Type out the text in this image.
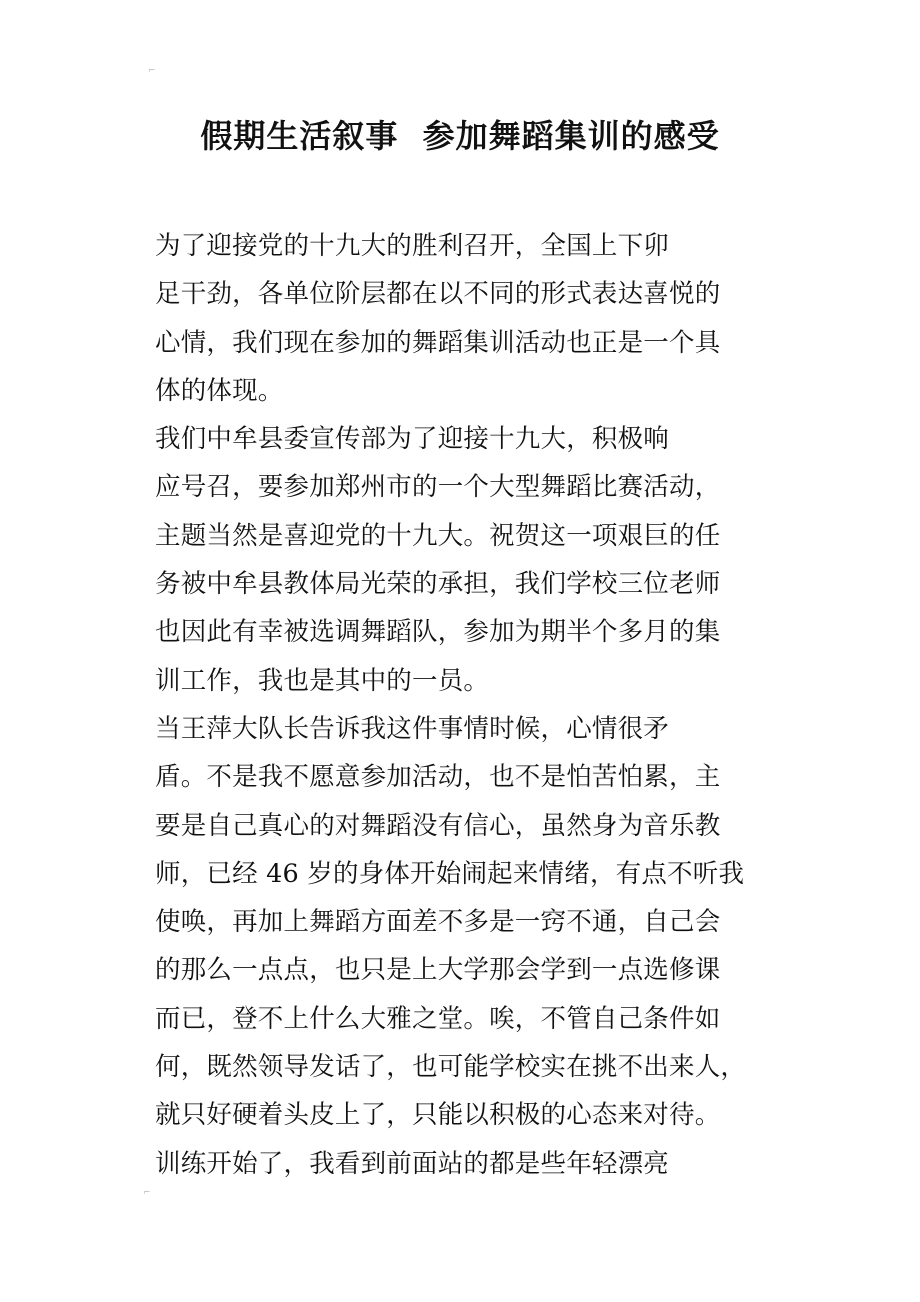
⌐
⌐
假期生活叙事  参加舞蹈集训的感受
为了迎接党的十九大的胜利召开，全国上下卯
足干劲，各单位阶层都在以不同的形式表达喜悦的
心情，我们现在参加的舞蹈集训活动也正是一个具
体的体现。
我们中牟县委宣传部为了迎接十九大，积极响
应号召，要参加郑州市的一个大型舞蹈比赛活动，
主题当然是喜迎党的十九大。祝贺这一项艰巨的任
务被中牟县教体局光荣的承担，我们学校三位老师
也因此有幸被选调舞蹈队，参加为期半个多月的集
训工作，我也是其中的一员。
当王萍大队长告诉我这件事情时候，心情很矛
盾。不是我不愿意参加活动，也不是怕苦怕累，主
要是自己真心的对舞蹈没有信心，虽然身为音乐教
师，已经 46 岁的身体开始闹起来情绪，有点不听我
使唤，再加上舞蹈方面差不多是一窍不通，自己会
的那么一点点，也只是上大学那会学到一点选修课
而已，登不上什么大雅之堂。唉，不管自己条件如
何，既然领导发话了，也可能学校实在挑不出来人，
就只好硬着头皮上了，只能以积极的心态来对待。
训练开始了，我看到前面站的都是些年轻漂亮
